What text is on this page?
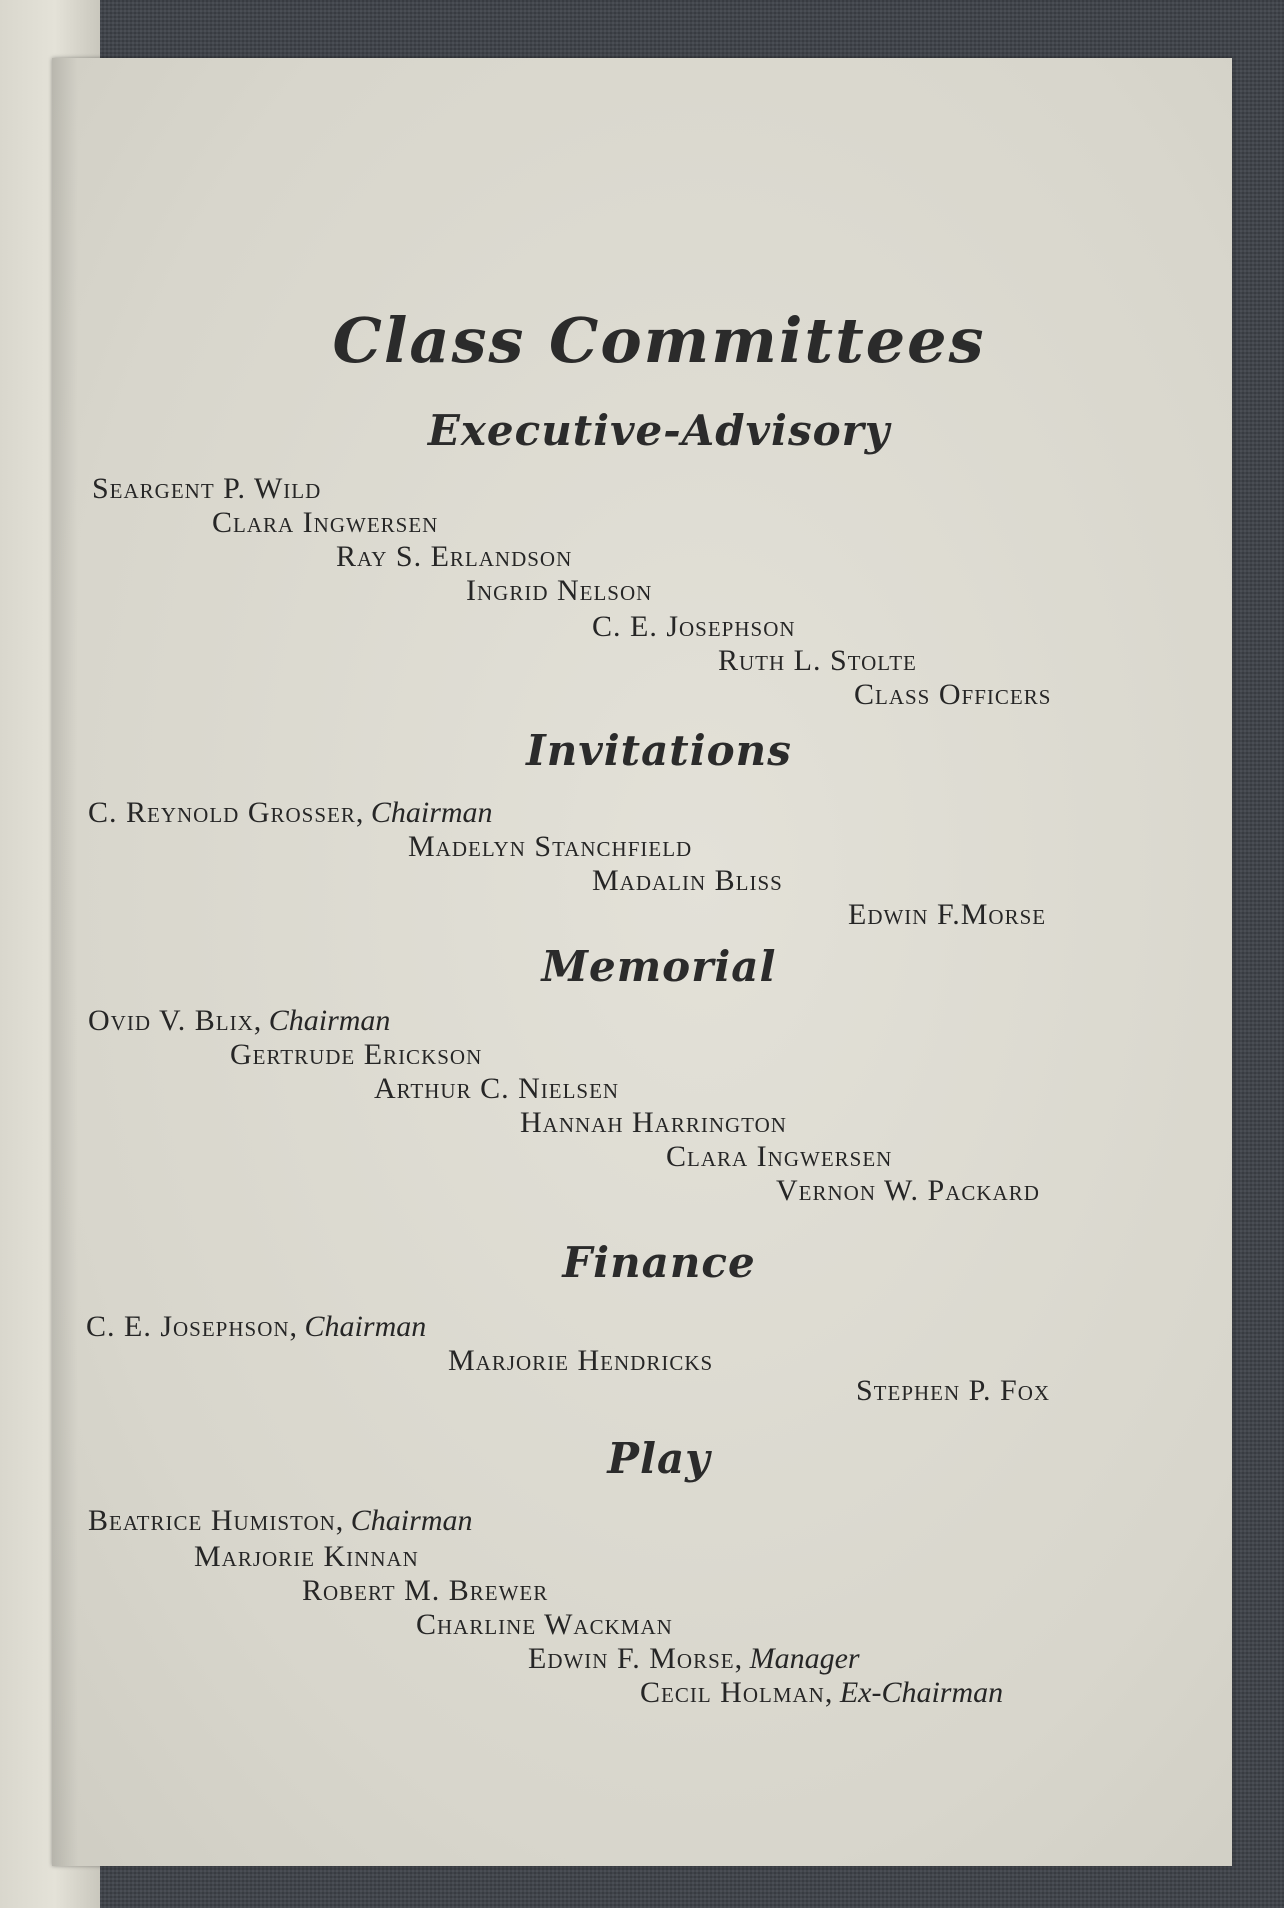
Class Committees
Executive-Advisory
Seargent P. Wild
Clara Ingwersen
Ray S. Erlandson
Ingrid Nelson
C. E. Josephson
Ruth L. Stolte
Class Officers
Invitations
C. Reynold Grosser, Chairman
Madelyn Stanchfield
Madalin Bliss
Edwin F.Morse
Memorial
Ovid V. Blix, Chairman
Gertrude Erickson
Arthur C. Nielsen
Hannah Harrington
Clara Ingwersen
Vernon W. Packard
Finance
C. E. Josephson, Chairman
Marjorie Hendricks
Stephen P. Fox
Play
Beatrice Humiston, Chairman
Marjorie Kinnan
Robert M. Brewer
Charline Wackman
Edwin F. Morse, Manager
Cecil Holman, Ex-Chairman
